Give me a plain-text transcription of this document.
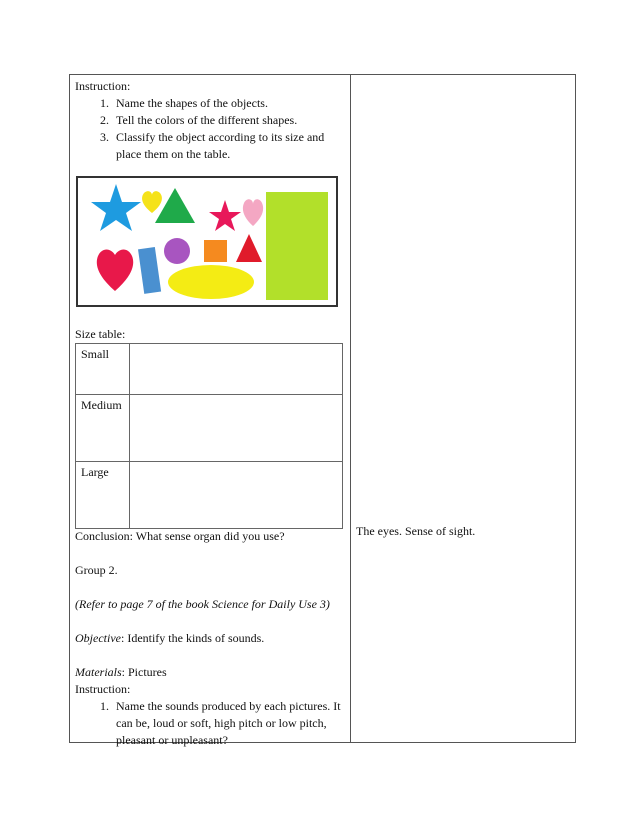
Instruction:

1. Name the shapes of the objects.
2. Tell the colors of the different shapes.
3. Classify the object according to its size and place them on the table.
Size table:
Small	
Medium	
Large	

Conclusion: What sense organ did you use?

Group 2.

(Refer to page 7 of the book Science for Daily Use 3)

Objective: Identify the kinds of sounds.

Materials: Pictures

Instruction:

1. Name the sounds produced by each pictures. It can be, loud or soft, high pitch or low pitch, pleasant or unpleasant?

The eyes. Sense of sight.
